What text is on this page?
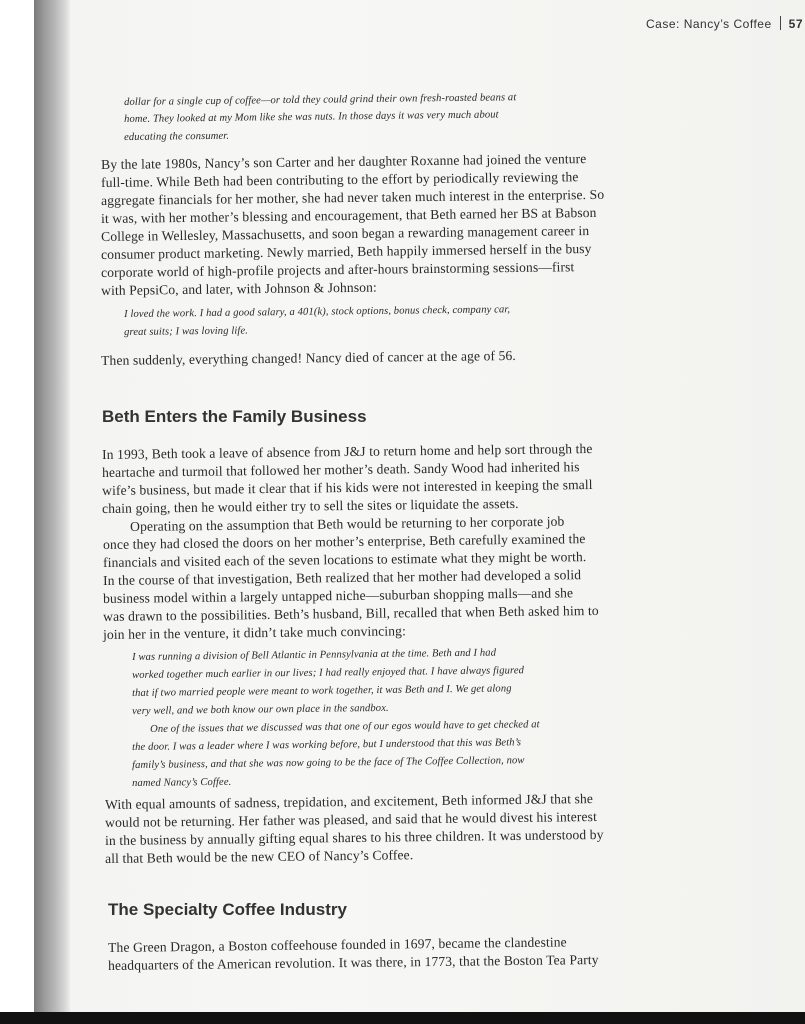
Case: Nancy’s Coffee 57
dollar for a single cup of coffee—or told they could grind their own fresh-roasted beans at
home. They looked at my Mom like she was nuts. In those days it was very much about
educating the consumer.
By the late 1980s, Nancy’s son Carter and her daughter Roxanne had joined the venture
full-time. While Beth had been contributing to the effort by periodically reviewing the
aggregate financials for her mother, she had never taken much interest in the enterprise. So
it was, with her mother’s blessing and encouragement, that Beth earned her BS at Babson
College in Wellesley, Massachusetts, and soon began a rewarding management career in
consumer product marketing. Newly married, Beth happily immersed herself in the busy
corporate world of high-profile projects and after-hours brainstorming sessions—first
with PepsiCo, and later, with Johnson & Johnson:
I loved the work. I had a good salary, a 401(k), stock options, bonus check, company car,
great suits; I was loving life.
Then suddenly, everything changed! Nancy died of cancer at the age of 56.
Beth Enters the Family Business
In 1993, Beth took a leave of absence from J&J to return home and help sort through the
heartache and turmoil that followed her mother’s death. Sandy Wood had inherited his
wife’s business, but made it clear that if his kids were not interested in keeping the small
chain going, then he would either try to sell the sites or liquidate the assets.
Operating on the assumption that Beth would be returning to her corporate job
once they had closed the doors on her mother’s enterprise, Beth carefully examined the
financials and visited each of the seven locations to estimate what they might be worth.
In the course of that investigation, Beth realized that her mother had developed a solid
business model within a largely untapped niche—suburban shopping malls—and she
was drawn to the possibilities. Beth’s husband, Bill, recalled that when Beth asked him to
join her in the venture, it didn’t take much convincing:
I was running a division of Bell Atlantic in Pennsylvania at the time. Beth and I had
worked together much earlier in our lives; I had really enjoyed that. I have always figured
that if two married people were meant to work together, it was Beth and I. We get along
very well, and we both know our own place in the sandbox.
One of the issues that we discussed was that one of our egos would have to get checked at
the door. I was a leader where I was working before, but I understood that this was Beth’s
family’s business, and that she was now going to be the face of The Coffee Collection, now
named Nancy’s Coffee.
With equal amounts of sadness, trepidation, and excitement, Beth informed J&J that she
would not be returning. Her father was pleased, and said that he would divest his interest
in the business by annually gifting equal shares to his three children. It was understood by
all that Beth would be the new CEO of Nancy’s Coffee.
The Specialty Coffee Industry
The Green Dragon, a Boston coffeehouse founded in 1697, became the clandestine
headquarters of the American revolution. It was there, in 1773, that the Boston Tea Party
